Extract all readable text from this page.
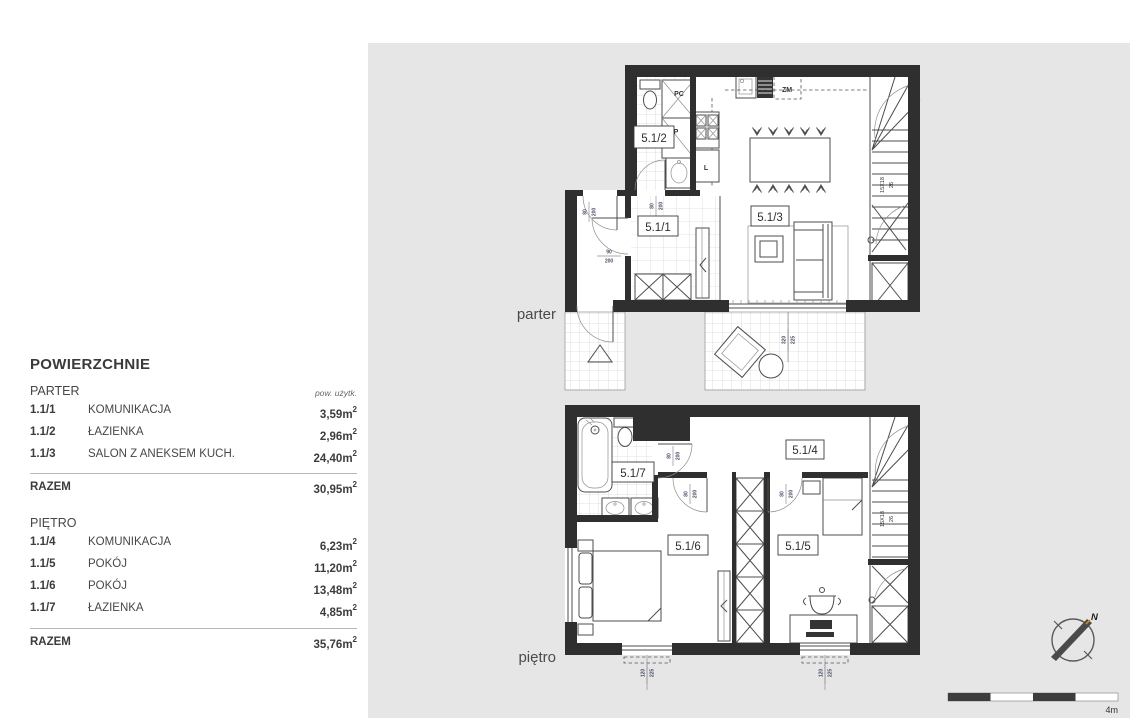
15X18 26
ZM
L
PC
P
80 200
80 200
90
200
320 225
5.1/2
5.1/1
5.1/3
parter
15X18 26
80 200
80 200	80 200
120 225	120 225
5.1/7
5.1/4
5.1/6	5.1/5
piętro
N
4m
POWIERZCHNIE
PARTER	pow. użytk.
1.1/1	KOMUNIKACJA	$3,59m^2$
1.1/2	ŁAZIENKA	$2,96m^2$
1.1/3	SALON Z ANEKSEM KUCH.	$24,40m^2$
RAZEM	$30,95m^2$
PIĘTRO
1.1/4	KOMUNIKACJA	$6,23m^2$
1.1/5	POKÓJ	$11,20m^2$
1.1/6	POKÓJ	$13,48m^2$
1.1/7	ŁAZIENKA	$4,85m^2$
RAZEM	$35,76m^2$
